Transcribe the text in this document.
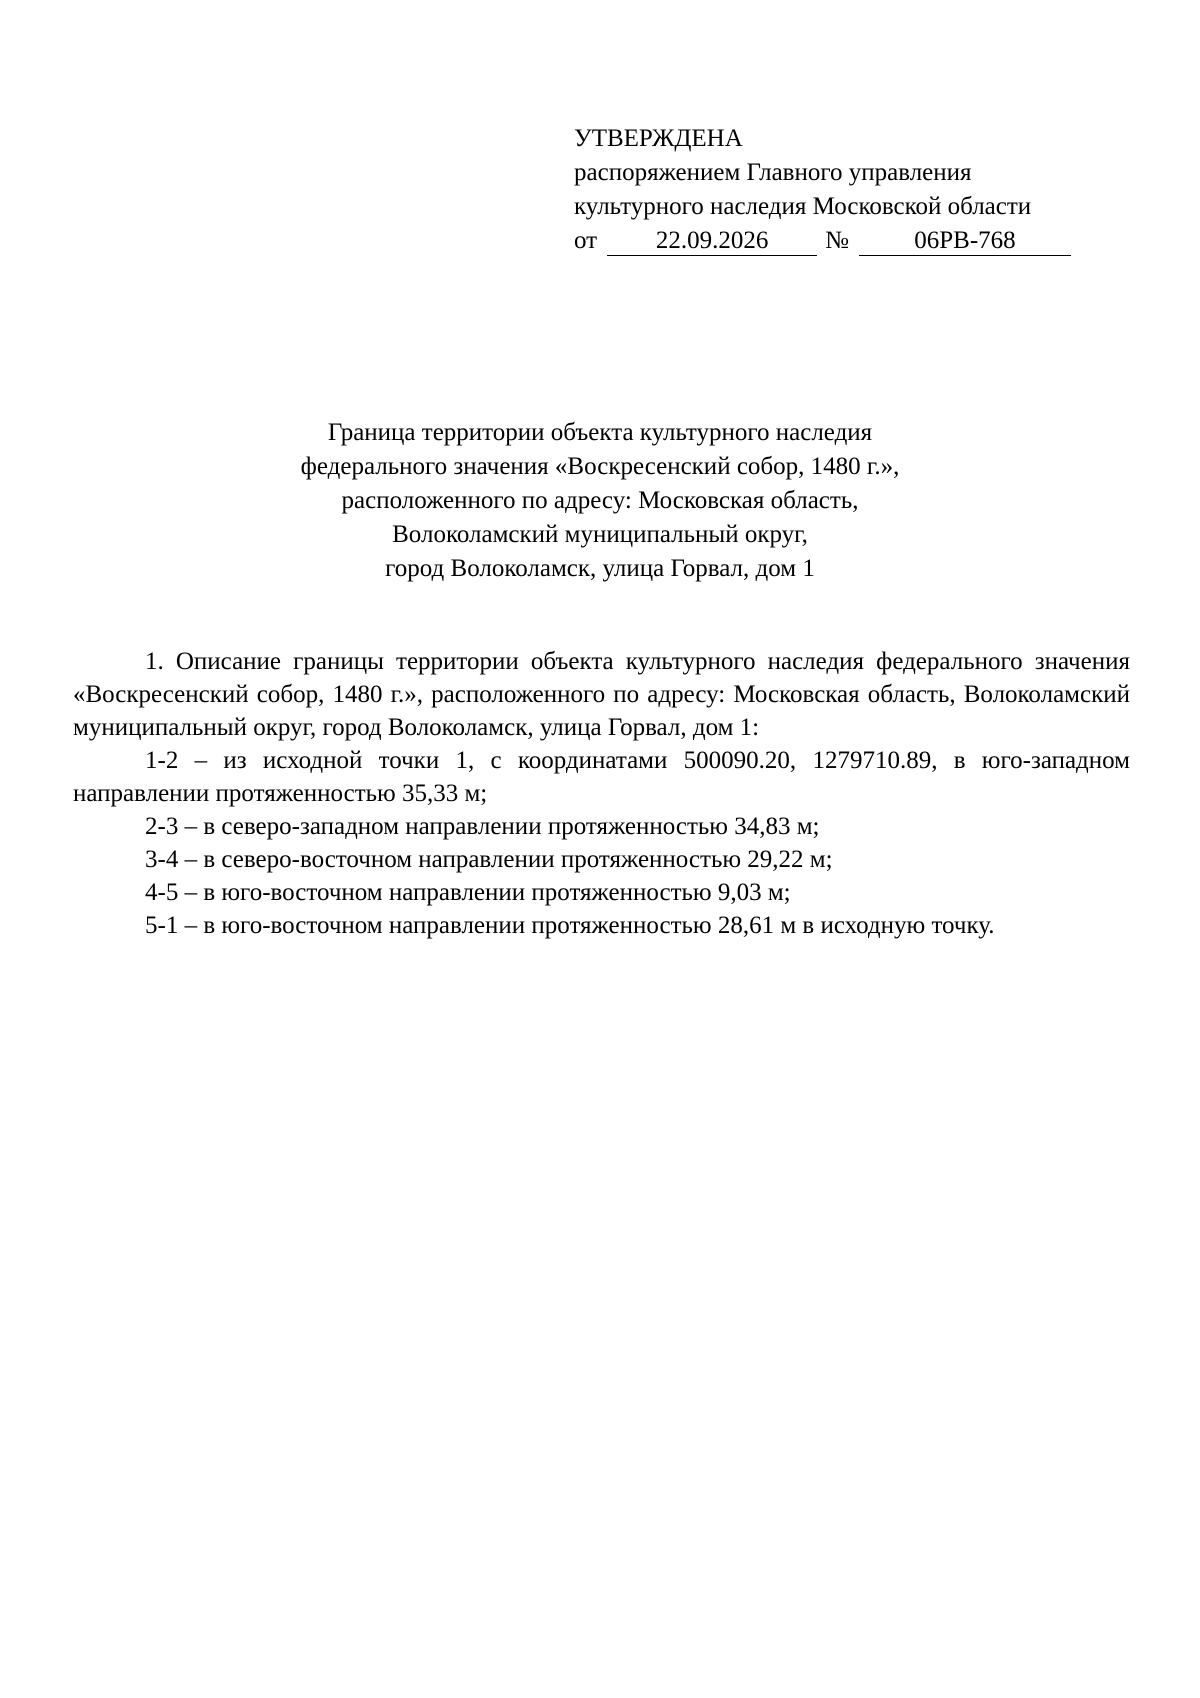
УТВЕРЖДЕНА
распоряжением Главного управления
культурного наследия Московской области
от	22.09.2026	№	06РВ-768
Граница территории объекта культурного наследия
федерального значения «Воскресенский собор, 1480 г.»,
расположенного по адресу: Московская область,
Волоколамский муниципальный округ,
город Волоколамск, улица Горвал, дом 1

1. Описание границы территории объекта культурного наследия федерального значения «Воскресенский собор, 1480 г.», расположенного по адресу: Московская область, Волоколамский муниципальный округ, город Волоколамск, улица Горвал, дом 1:

1-2 – из исходной точки 1, с координатами 500090.20, 1279710.89, в юго-западном направлении протяженностью 35,33 м;

2-3 – в северо-западном направлении протяженностью 34,83 м;

3-4 – в северо-восточном направлении протяженностью 29,22 м;

4-5 – в юго-восточном направлении протяженностью 9,03 м;

5-1 – в юго-восточном направлении протяженностью 28,61 м в исходную точку.
